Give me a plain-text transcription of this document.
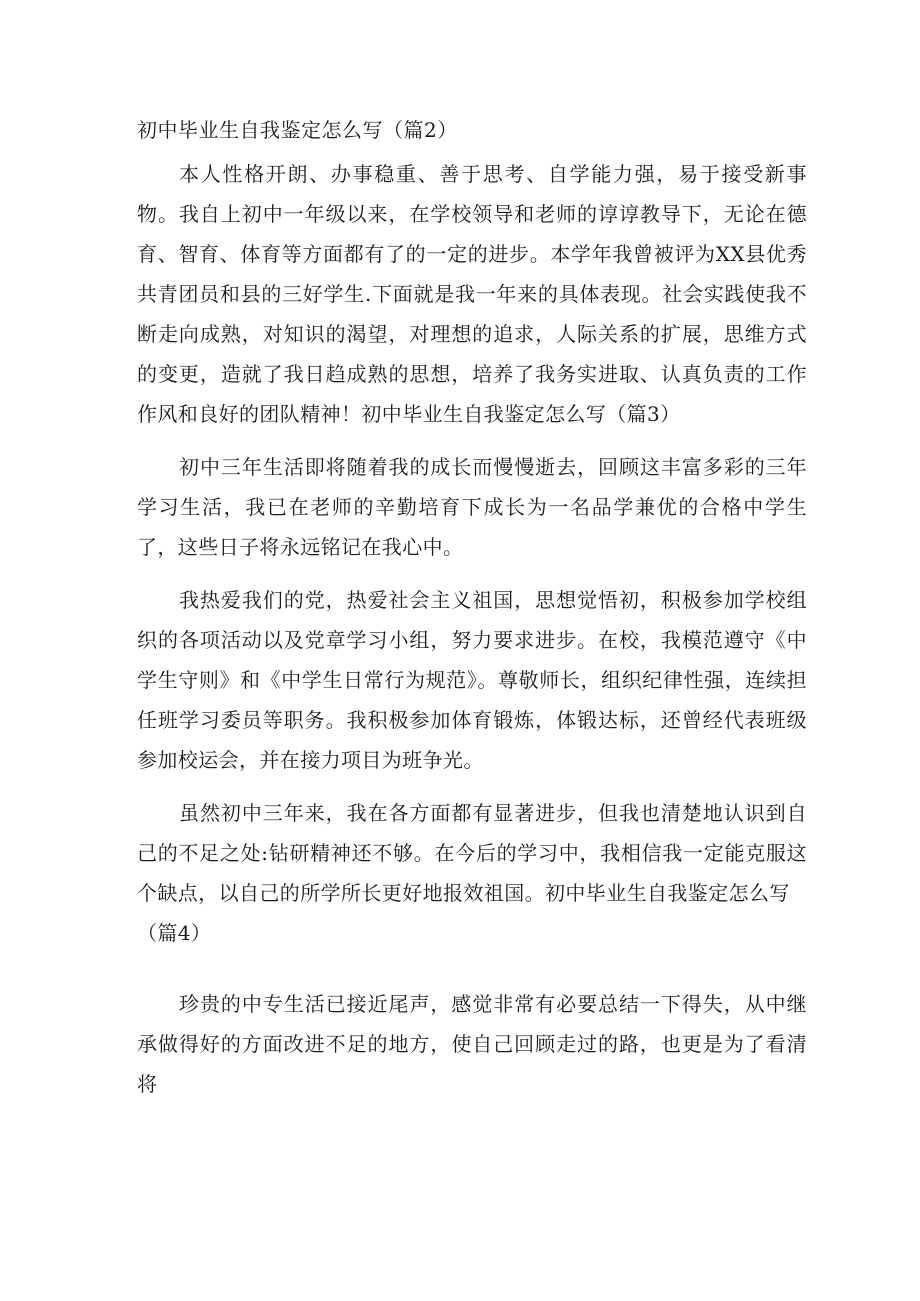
初中毕业生自我鉴定怎么写（篇2）

本人性格开朗、办事稳重、善于思考、自学能力强，易于接受新事物。我自上初中一年级以来，在学校领导和老师的谆谆教导下，无论在德育、智育、体育等方面都有了的一定的进步。本学年我曾被评为XX县优秀共青团员和县的三好学生.下面就是我一年来的具体表现。社会实践使我不断走向成熟，对知识的渴望，对理想的追求，人际关系的扩展，思维方式的变更，造就了我日趋成熟的思想，培养了我务实进取、认真负责的工作作风和良好的团队精神！初中毕业生自我鉴定怎么写（篇3）

初中三年生活即将随着我的成长而慢慢逝去，回顾这丰富多彩的三年学习生活，我已在老师的辛勤培育下成长为一名品学兼优的合格中学生了，这些日子将永远铭记在我心中。

我热爱我们的党，热爱社会主义祖国，思想觉悟初，积极参加学校组织的各项活动以及党章学习小组，努力要求进步。在校，我模范遵守《中学生守则》和《中学生日常行为规范》。尊敬师长，组织纪律性强，连续担任班学习委员等职务。我积极参加体育锻炼，体锻达标，还曾经代表班级参加校运会，并在接力项目为班争光。

虽然初中三年来，我在各方面都有显著进步，但我也清楚地认识到自己的不足之处:钻研精神还不够。在今后的学习中，我相信我一定能克服这个缺点，以自己的所学所长更好地报效祖国。初中毕业生自我鉴定怎么写

（篇4）

珍贵的中专生活已接近尾声，感觉非常有必要总结一下得失，从中继承做得好的方面改进不足的地方，使自己回顾走过的路，也更是为了看清将
